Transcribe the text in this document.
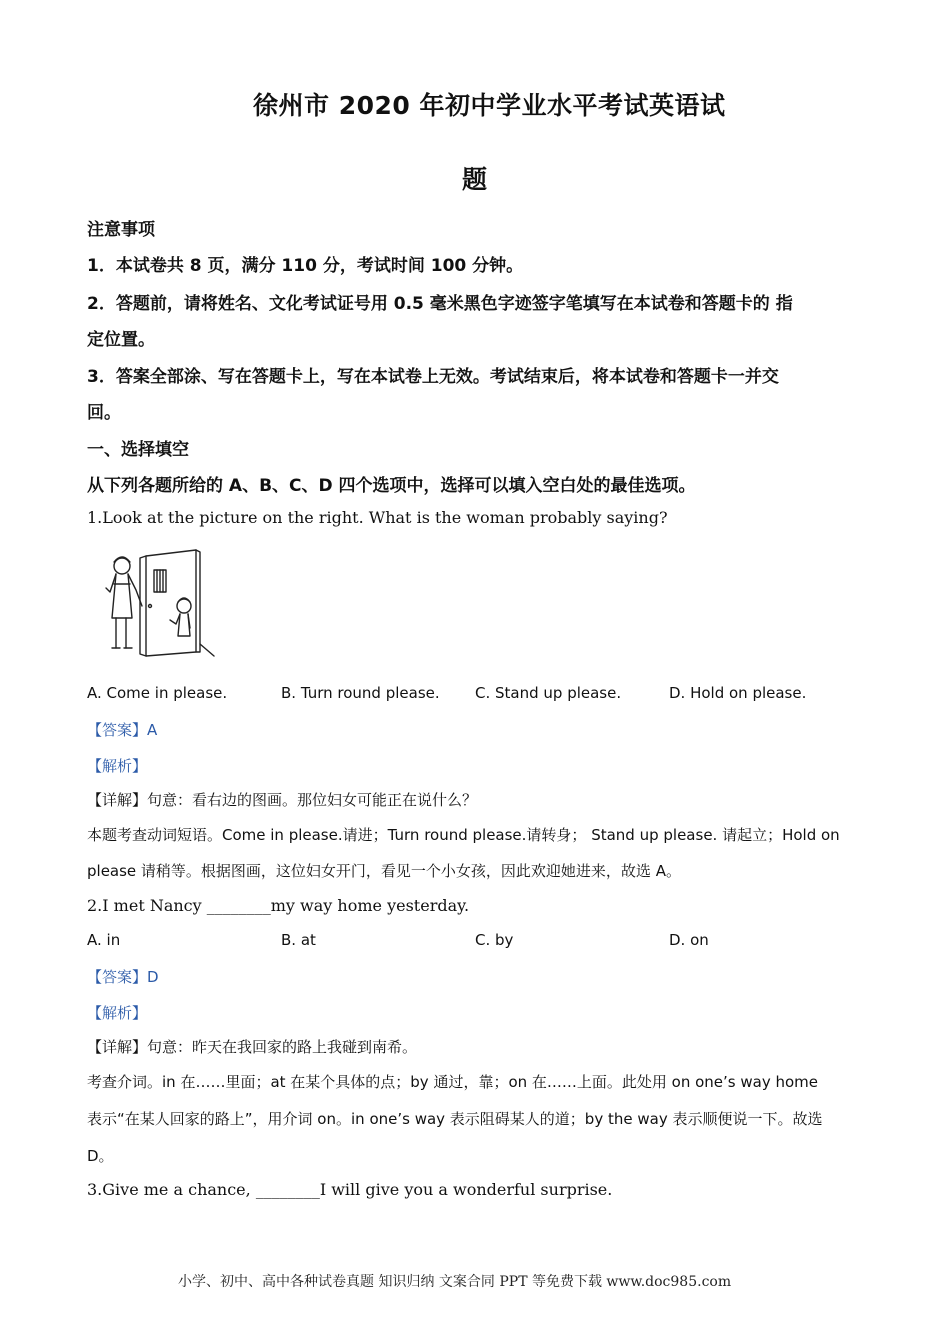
徐州市 2020 年初中学业水平考试英语试
题
注意事项
1．本试卷共 8 页，满分 110 分，考试时间 100 分钟。
2．答题前，请将姓名、文化考试证号用 0.5 毫米黑色字迹签字笔填写在本试卷和答题卡的 指
定位置。
3．答案全部涂、写在答题卡上，写在本试卷上无效。考试结束后，将本试卷和答题卡一并交
回。
一、选择填空
从下列各题所给的 A、B、C、D 四个选项中，选择可以填入空白处的最佳选项。
1.Look at the picture on the right. What is the woman probably saying?
A. Come in please.	B. Turn round please. C. Stand up please.	D. Hold on please.
【答案】A
【解析】
【详解】句意：看右边的图画。那位妇女可能正在说什么？
本题考查动词短语。Come in please.请进；Turn round please.请转身； Stand up please. 请起立；Hold on
please 请稍等。根据图画，这位妇女开门，看见一个小女孩，因此欢迎她进来，故选 A。
2.I met Nancy ________my way home yesterday.
A. in	B. at	C. by	D. on
【答案】D
【解析】
【详解】句意：昨天在我回家的路上我碰到南希。
考查介词。in 在……里面；at 在某个具体的点；by 通过，靠；on 在……上面。此处用 on one’s way home
表示“在某人回家的路上”，用介词 on。in one’s way 表示阻碍某人的道；by the way 表示顺便说一下。故选
D。
3.Give me a chance, ________I will give you a wonderful surprise.
小学、初中、高中各种试卷真题 知识归纳 文案合同 PPT 等免费下载 www.doc985.com
